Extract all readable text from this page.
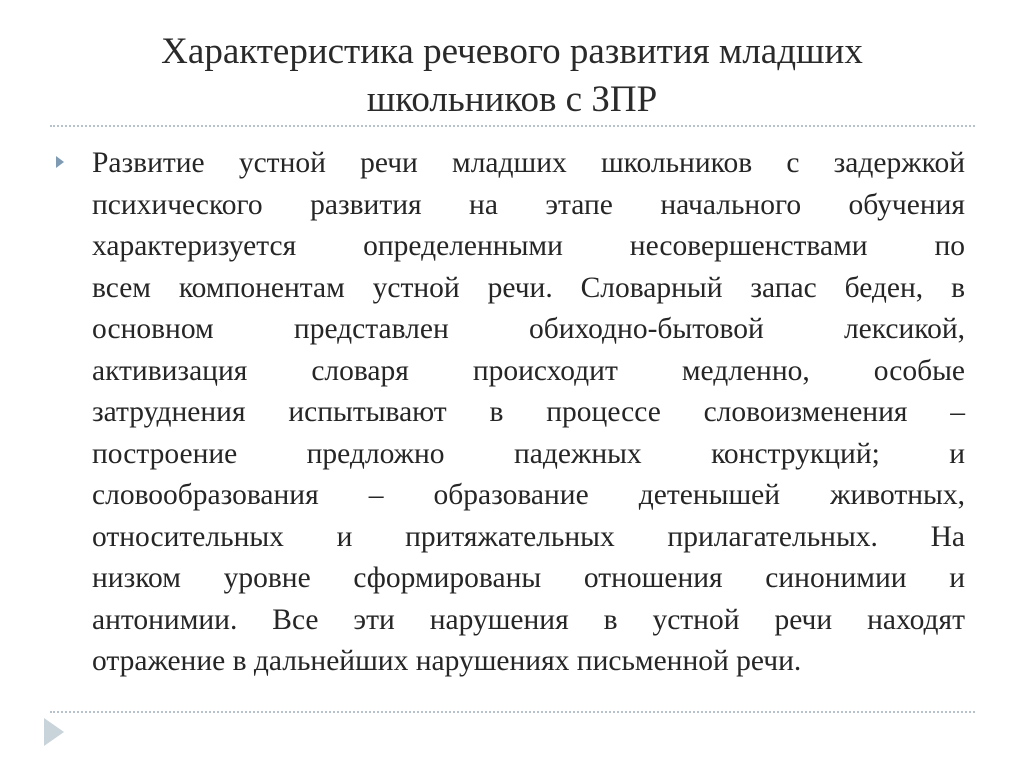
Характеристика речевого развития младших
школьников с ЗПР

Развитие устной речи младших школьников с задержкой
психического развития на этапе начального обучения
характеризуется определенными несовершенствами по
всем компонентам устной речи. Словарный запас беден, в
основном представлен обиходно-бытовой лексикой,
активизация словаря происходит медленно, особые
затруднения испытывают в процессе словоизменения –
построение предложно падежных конструкций; и
словообразования – образование детенышей животных,
относительных и притяжательных прилагательных. На
низком уровне сформированы отношения синонимии и
антонимии. Все эти нарушения в устной речи находят
отражение в дальнейших нарушениях письменной речи.
